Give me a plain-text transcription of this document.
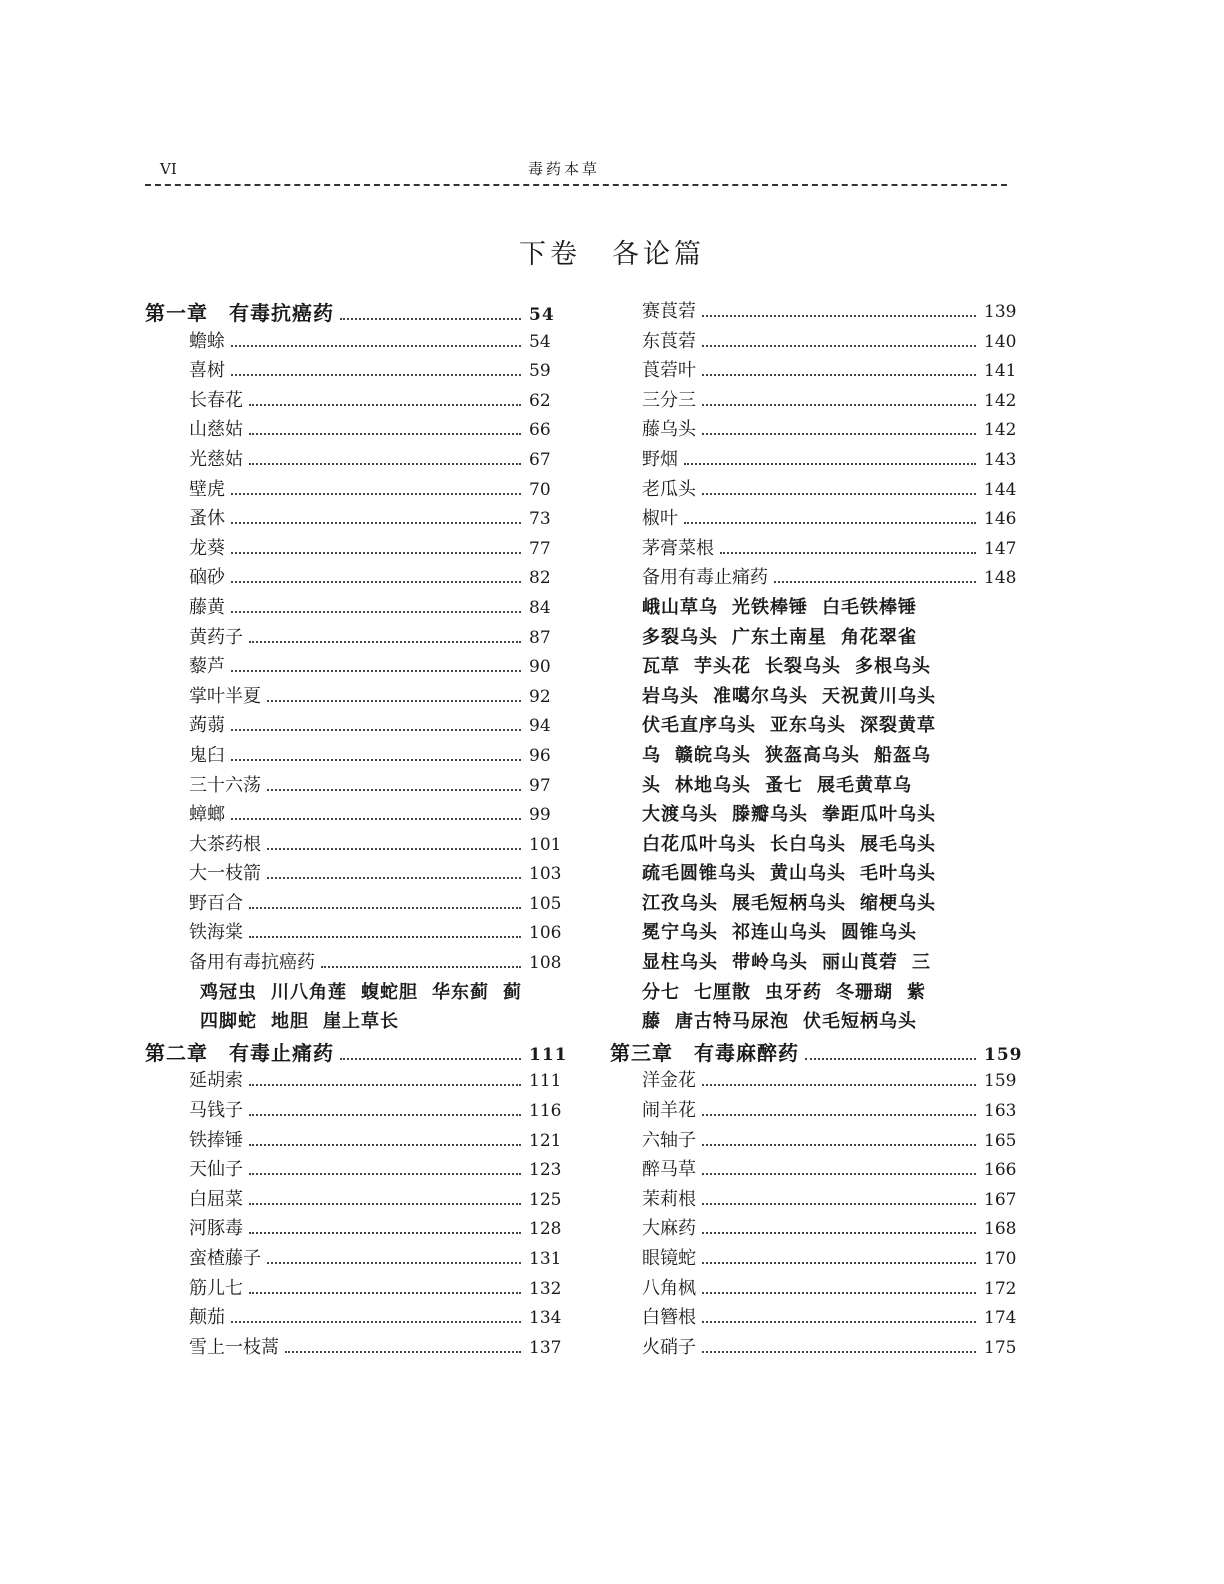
VI	毒药本草
下卷　各论篇
第一章　有毒抗癌药	54
蟾蜍	54
喜树	59
长春花	62
山慈姑	66
光慈姑	67
壁虎	70
蚤休	73
龙葵	77
硇砂	82
藤黄	84
黄药子	87
藜芦	90
掌叶半夏	92
蒟蒻	94
鬼臼	96
三十六荡	97
蟑螂	99
大茶药根	101
大一枝箭	103
野百合	105
铁海棠	106
备用有毒抗癌药	108
鸡冠虫 川八角莲 蝮蛇胆 华东蓟 蓟四脚蛇 地胆 崖上草长
第二章　有毒止痛药	111
延胡索	111
马钱子	116
铁捧锤	121
天仙子	123
白屈菜	125
河豚毒	128
蛮楂藤子	131
筋儿七	132
颠茄	134
雪上一枝蒿	137
赛莨菪	139
东莨菪	140
莨菪叶	141
三分三	142
藤乌头	142
野烟	143
老瓜头	144
椒叶	146
茅膏菜根	147
备用有毒止痛药	148
峨山草乌 光铁棒锤 白毛铁棒锤
多裂乌头 广东土南星 角花翠雀
瓦草 芋头花 长裂乌头 多根乌头
岩乌头 准噶尔乌头 天祝黄川乌头
伏毛直序乌头 亚东乌头 深裂黄草
乌 赣皖乌头 狭盔高乌头 船盔乌
头 林地乌头 蚤七 展毛黄草乌
大渡乌头 滕瓣乌头 拳距瓜叶乌头
白花瓜叶乌头 长白乌头 展毛乌头
疏毛圆锥乌头 黄山乌头 毛叶乌头
江孜乌头 展毛短柄乌头 缩梗乌头
冕宁乌头 祁连山乌头 圆锥乌头
显柱乌头 带岭乌头 丽山莨菪 三
分七 七厘散 虫牙药 冬珊瑚 紫
藤 唐古特马尿泡 伏毛短柄乌头
第三章　有毒麻醉药	159
洋金花	159
闹羊花	163
六轴子	165
醉马草	166
茉莉根	167
大麻药	168
眼镜蛇	170
八角枫	172
白簪根	174
火硝子	175
